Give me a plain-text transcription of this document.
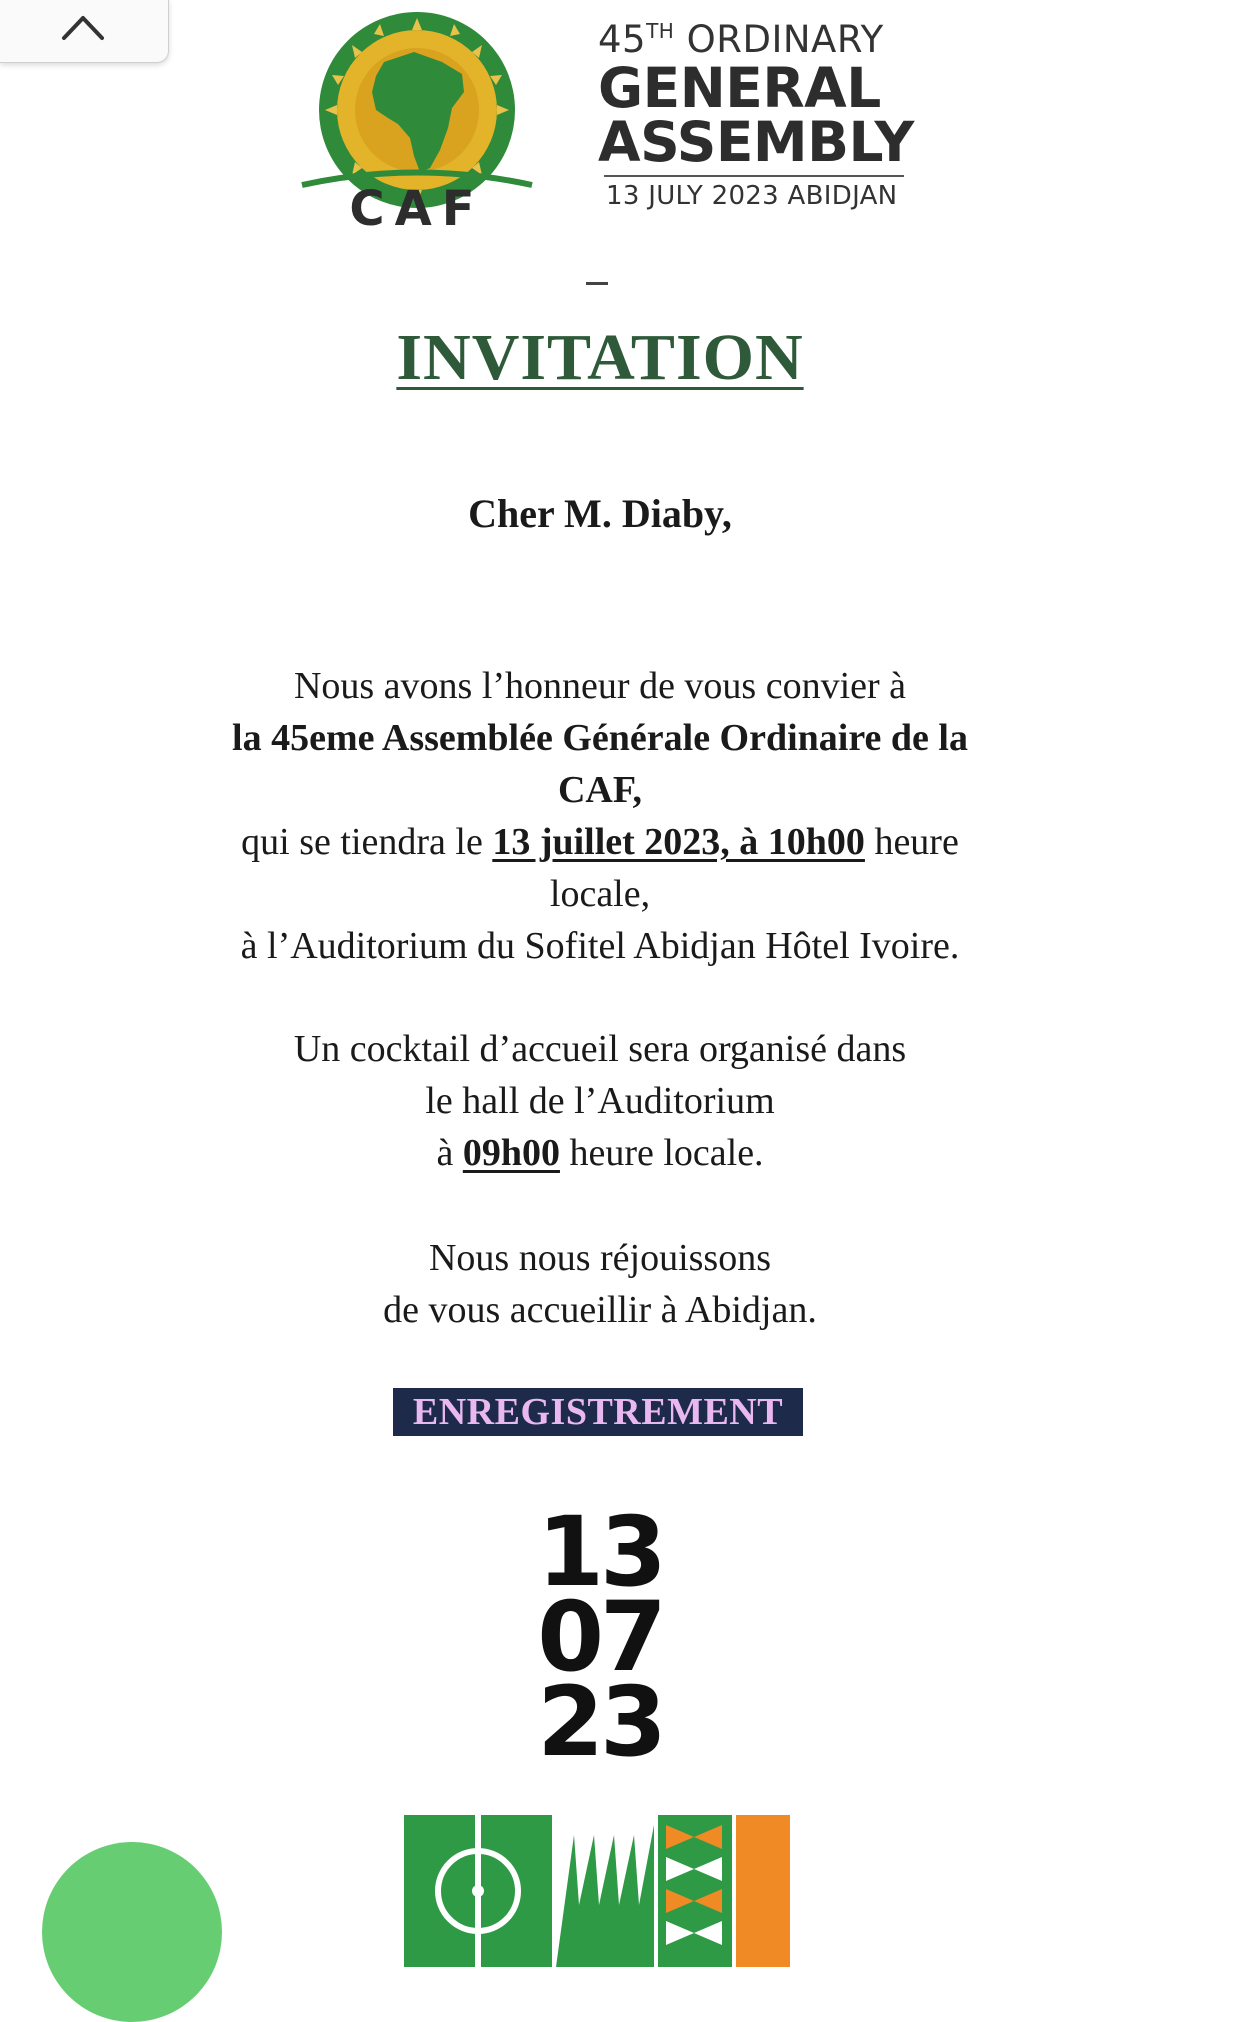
CAF
45TH ORDINARY
GENERAL
ASSEMBLY
13 JULY 2023 ABIDJAN
INVITATION
Cher M. Diaby,
Nous avons l’honneur de vous convier à
la 45eme Assemblée Générale Ordinaire de la
CAF,
qui se tiendra le 13 juillet 2023, à 10h00 heure
locale,
à l’Auditorium du Sofitel Abidjan Hôtel Ivoire.
Un cocktail d’accueil sera organisé dans
le hall de l’Auditorium
à 09h00 heure locale.
Nous nous réjouissons
de vous accueillir à Abidjan.
ENREGISTREMENT
13
07
23
